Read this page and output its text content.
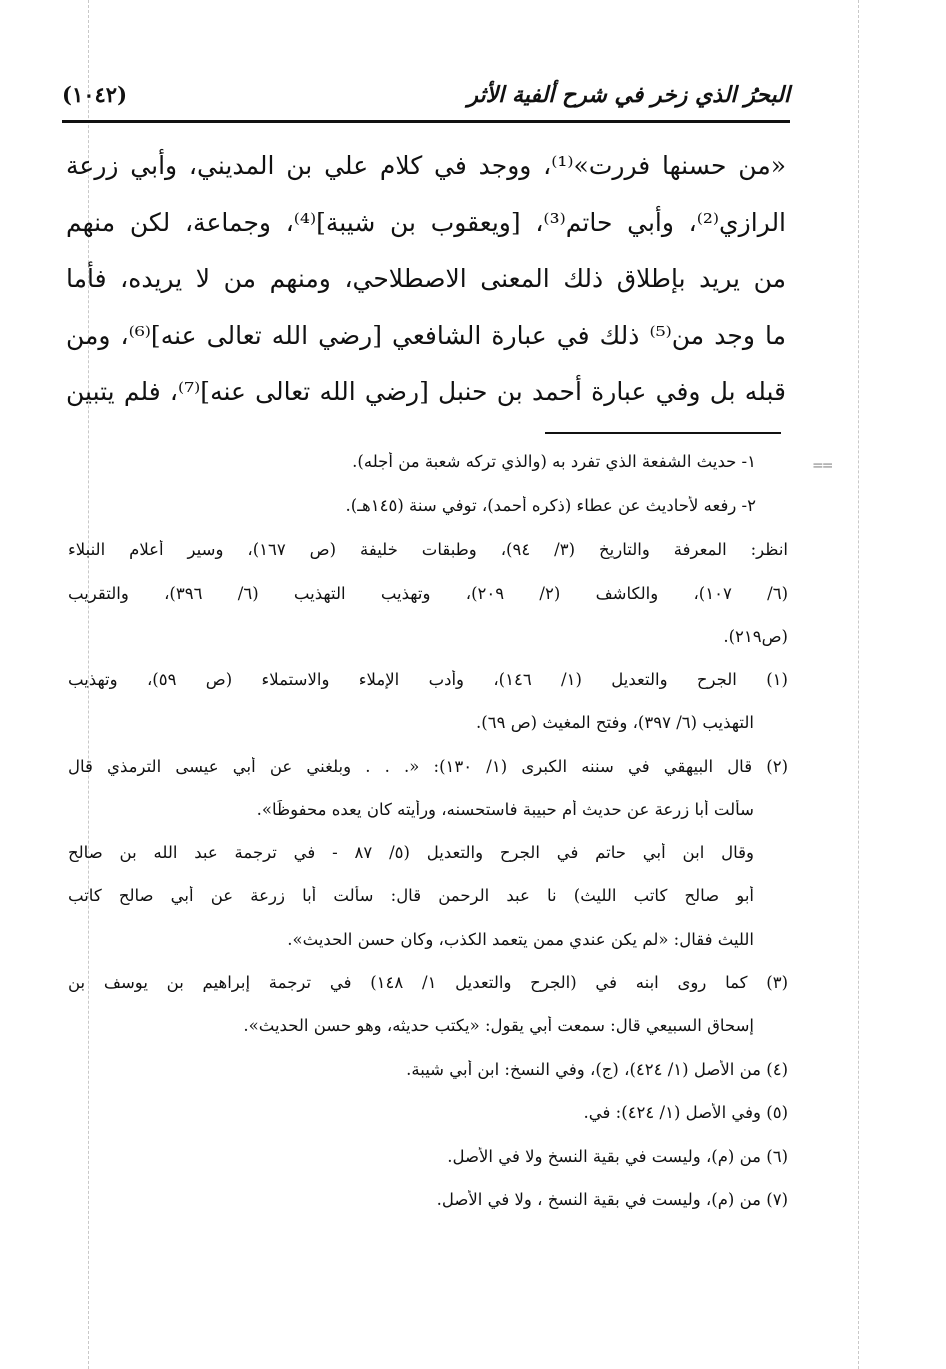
==
البحرُ الذي زخر في شرح ألفية الأثر
(١٠٤٢)
«من حسنها فررت»⁽¹⁾، ووجد في كلام علي بن المديني، وأبي زرعة
الرازي⁽²⁾، وأبي حاتم⁽³⁾، [ويعقوب بن شيبة]⁽⁴⁾، وجماعة، لكن منهم
من يريد بإطلاق ذلك المعنى الاصطلاحي، ومنهم من لا يريده، فأما
ما وجد من⁽⁵⁾ ذلك في عبارة الشافعي [رضي الله تعالى عنه]⁽⁶⁾، ومن
قبله بل وفي عبارة أحمد بن حنبل [رضي الله تعالى عنه]⁽⁷⁾، فلم يتبين
١- حديث الشفعة الذي تفرد به (والذي تركه شعبة من أجله).
٢- رفعه لأحاديث عن عطاء (ذكره أحمد)، توفي سنة (١٤٥هـ).
انظر: المعرفة والتاريخ (٣/ ٩٤)، وطبقات خليفة (ص ١٦٧)، وسير أعلام النبلاء
(٦/ ١٠٧)، والكاشف (٢/ ٢٠٩)، وتهذيب التهذيب (٦/ ٣٩٦)، والتقريب
(ص٢١٩).
(١) الجرح والتعديل (١/ ١٤٦)، وأدب الإملاء والاستملاء (ص ٥٩)، وتهذيب
التهذيب (٦/ ٣٩٧)، وفتح المغيث (ص ٦٩).
(٢) قال البيهقي في سننه الكبرى (١/ ١٣٠): «. . . وبلغني عن أبي عيسى الترمذي قال
سألت أبا زرعة عن حديث أم حبيبة فاستحسنه، ورأيته كان يعده محفوظًا».
وقال ابن أبي حاتم في الجرح والتعديل (٥/ ٨٧ - في ترجمة عبد الله بن صالح
أبو صالح كاتب الليث) نا عبد الرحمن قال: سألت أبا زرعة عن أبي صالح كاتب
الليث فقال: «لم يكن عندي ممن يتعمد الكذب، وكان حسن الحديث».
(٣) كما روى ابنه في (الجرح والتعديل ١/ ١٤٨) في ترجمة إبراهيم بن يوسف بن
إسحاق السبيعي قال: سمعت أبي يقول: «يكتب حديثه، وهو حسن الحديث».
(٤) من الأصل (١/ ٤٢٤)، (ج)، وفي النسخ: ابن أبي شيبة.
(٥) وفي الأصل (١/ ٤٢٤): في.
(٦) من (م)، وليست في بقية النسخ ولا في الأصل.
(٧) من (م)، وليست في بقية النسخ ، ولا في الأصل.
